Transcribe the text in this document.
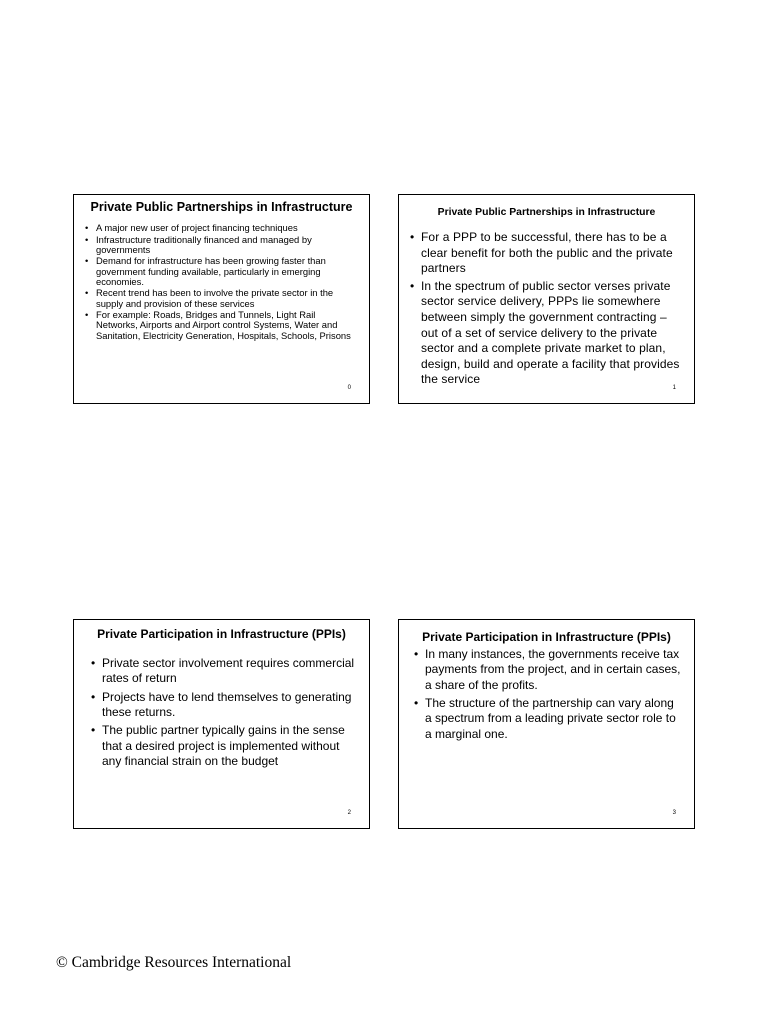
Private Public Partnerships in Infrastructure
• A major new user of project financing techniques
• Infrastructure traditionally financed and managed by governments
• Demand for infrastructure has been growing faster than government funding available, particularly in emerging economies.
• Recent trend has been to involve the private sector in the supply and provision of these services
• For example: Roads, Bridges and Tunnels, Light Rail Networks, Airports and Airport control Systems, Water and Sanitation, Electricity Generation, Hospitals, Schools, Prisons
0
Private Public Partnerships in Infrastructure
• For a PPP to be successful, there has to be a clear benefit for both the public and the private partners
• In the spectrum of public sector verses private sector service delivery, PPPs lie somewhere between simply the government contracting –out of a set of service delivery to the private sector and a complete private market to plan, design, build and operate a facility that provides the service
1
Private Participation in Infrastructure (PPIs)
• Private sector involvement requires commercial rates of return
• Projects have to lend themselves to generating these returns.
• The public partner typically gains in the sense that a desired project is implemented without any financial strain on the budget
2
Private Participation in Infrastructure (PPIs)
• In many instances, the governments receive tax payments from the project, and in certain cases, a share of the profits.
• The structure of the partnership can vary along a spectrum from a leading private sector role to a marginal one.
3
© Cambridge Resources International
